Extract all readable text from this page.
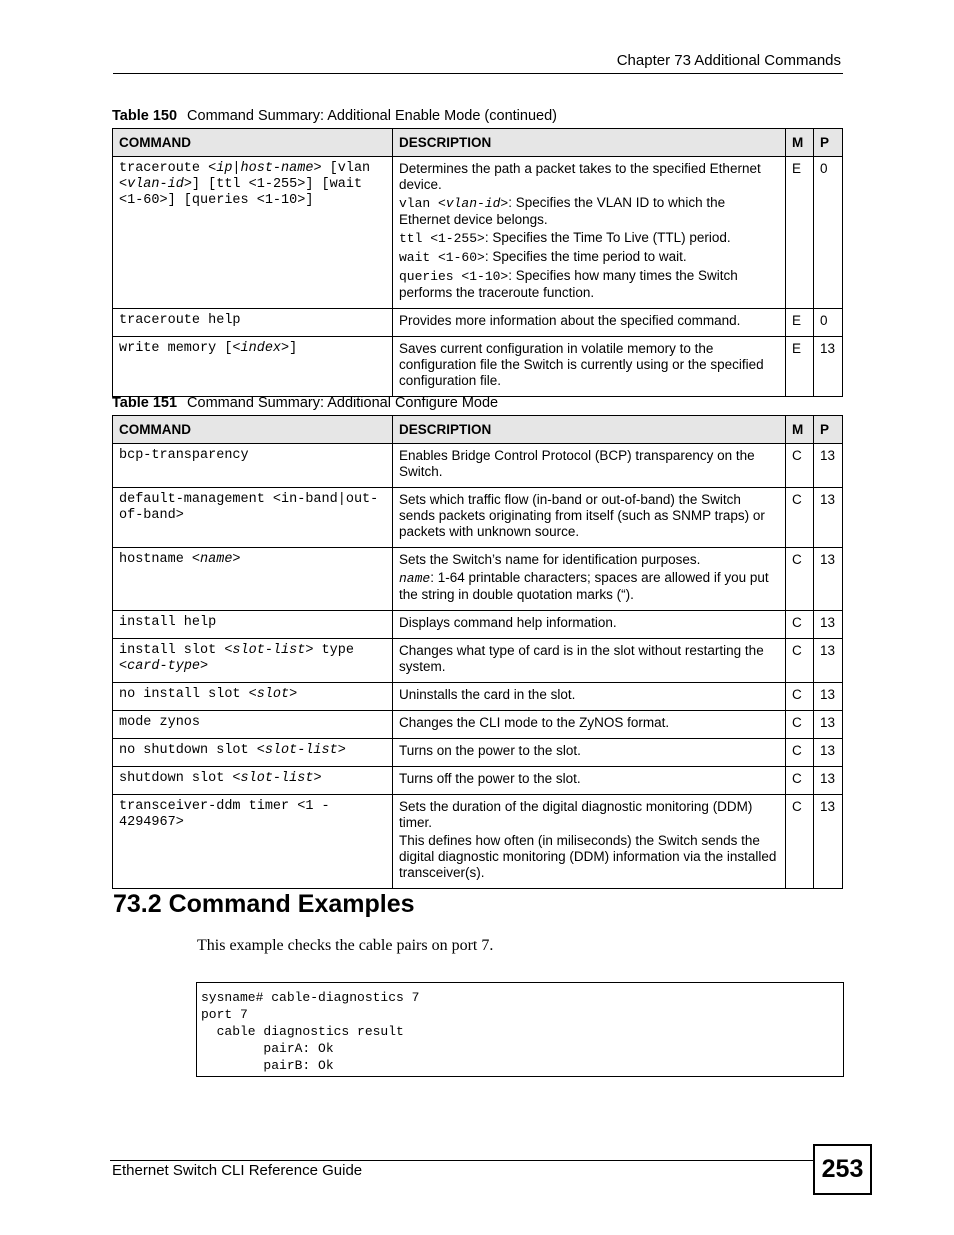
Chapter 73 Additional Commands
Table 150 Command Summary: Additional Enable Mode (continued)
COMMAND	DESCRIPTION	M	P
traceroute <ip|host-name> [vlan <vlan-id>] [ttl <1-255>] [wait <1-60>] [queries <1-10>]	Determines the path a packet takes to the specified Ethernet device.
vlan <vlan-id>: Specifies the VLAN ID to which the Ethernet device belongs.
ttl <1-255>: Specifies the Time To Live (TTL) period.
wait <1-60>: Specifies the time period to wait.
queries <1-10>: Specifies how many times the Switch performs the traceroute function.	E	0
traceroute help	Provides more information about the specified command.	E	0
write memory [<index>]	Saves current configuration in volatile memory to the configuration file the Switch is currently using or the specified configuration file.	E	13
Table 151 Command Summary: Additional Configure Mode
COMMAND	DESCRIPTION	M	P
bcp-transparency	Enables Bridge Control Protocol (BCP) transparency on the Switch.	C	13
default-management <in-band|out-of-band>	Sets which traffic flow (in-band or out-of-band) the Switch sends packets originating from itself (such as SNMP traps) or packets with unknown source.	C	13
hostname <name>	Sets the Switch’s name for identification purposes.
name: 1-64 printable characters; spaces are allowed if you put the string in double quotation marks (“).	C	13
install help	Displays command help information.	C	13
install slot <slot-list> type <card-type>	Changes what type of card is in the slot without restarting the system.	C	13
no install slot <slot>	Uninstalls the card in the slot.	C	13
mode zynos	Changes the CLI mode to the ZyNOS format.	C	13
no shutdown slot <slot-list>	Turns on the power to the slot.	C	13
shutdown slot <slot-list>	Turns off the power to the slot.	C	13
transceiver-ddm timer <1 - 4294967>	Sets the duration of the digital diagnostic monitoring (DDM) timer.
This defines how often (in miliseconds) the Switch sends the digital diagnostic monitoring (DDM) information via the installed transceiver(s).	C	13
73.2 Command Examples
This example checks the cable pairs on port 7.
sysname# cable-diagnostics 7
port 7
cable diagnostics result
pairA: Ok
pairB: Ok
Ethernet Switch CLI Reference Guide	253
